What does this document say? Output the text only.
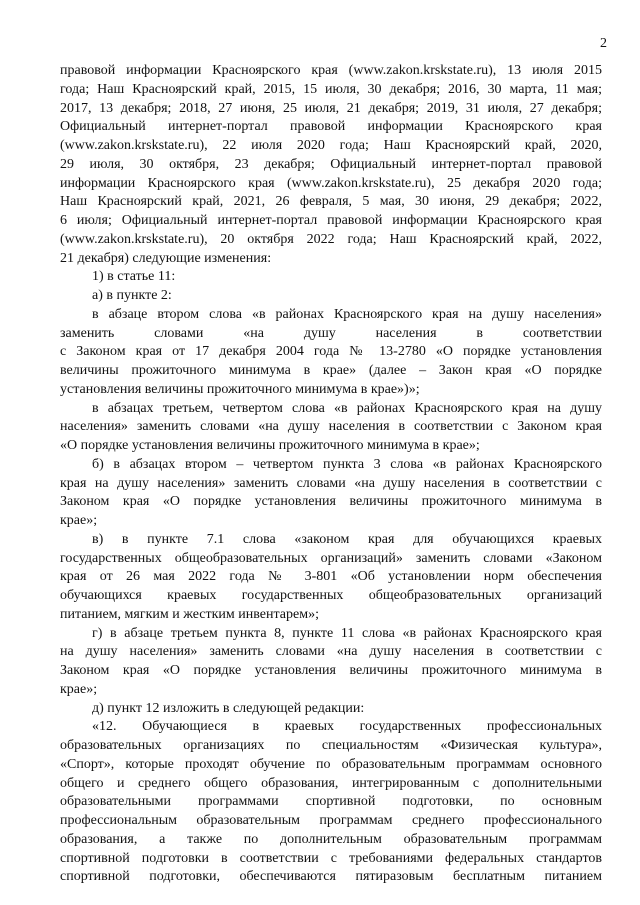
2
правовой информации Красноярского края (www.zakon.krskstate.ru), 13 июля 2015
года; Наш Красноярский край, 2015, 15 июля, 30 декабря; 2016, 30 марта, 11 мая;
2017, 13 декабря; 2018, 27 июня, 25 июля, 21 декабря; 2019, 31 июля, 27 декабря;
Официальный интернет-портал правовой информации Красноярского края
(www.zakon.krskstate.ru), 22 июля 2020 года; Наш Красноярский край, 2020,
29 июля, 30 октября, 23 декабря; Официальный интернет-портал правовой
информации Красноярского края (www.zakon.krskstate.ru), 25 декабря 2020 года;
Наш Красноярский край, 2021, 26 февраля, 5 мая, 30 июня, 29 декабря; 2022,
6 июля; Официальный интернет-портал правовой информации Красноярского края
(www.zakon.krskstate.ru), 20 октября 2022 года; Наш Красноярский край, 2022,
21 декабря) следующие изменения:
1) в статье 11:
а) в пункте 2:
в абзаце втором слова «в районах Красноярского края на душу населения»
заменить словами «на душу населения в соответствии
с Законом края от 17 декабря 2004 года № 13-2780 «О порядке установления
величины прожиточного минимума в крае» (далее – Закон края «О порядке
установления величины прожиточного минимума в крае»)»;
в абзацах третьем, четвертом слова «в районах Красноярского края на душу
населения» заменить словами «на душу населения в соответствии с Законом края
«О порядке установления величины прожиточного минимума в крае»;
б) в абзацах втором – четвертом пункта 3 слова «в районах Красноярского
края на душу населения» заменить словами «на душу населения в соответствии с
Законом края «О порядке установления величины прожиточного минимума в
крае»;
в) в пункте 7.1 слова «законом края для обучающихся краевых
государственных общеобразовательных организаций» заменить словами «Законом
края от 26 мая 2022 года № 3-801 «Об установлении норм обеспечения
обучающихся краевых государственных общеобразовательных организаций
питанием, мягким и жестким инвентарем»;
г) в абзаце третьем пункта 8, пункте 11 слова «в районах Красноярского края
на душу населения» заменить словами «на душу населения в соответствии с
Законом края «О порядке установления величины прожиточного минимума в
крае»;
д) пункт 12 изложить в следующей редакции:
«12. Обучающиеся в краевых государственных профессиональных
образовательных организациях по специальностям «Физическая культура»,
«Спорт», которые проходят обучение по образовательным программам основного
общего и среднего общего образования, интегрированным с дополнительными
образовательными программами спортивной подготовки, по основным
профессиональным образовательным программам среднего профессионального
образования, а также по дополнительным образовательным программам
спортивной подготовки в соответствии с требованиями федеральных стандартов
спортивной подготовки, обеспечиваются пятиразовым бесплатным питанием
